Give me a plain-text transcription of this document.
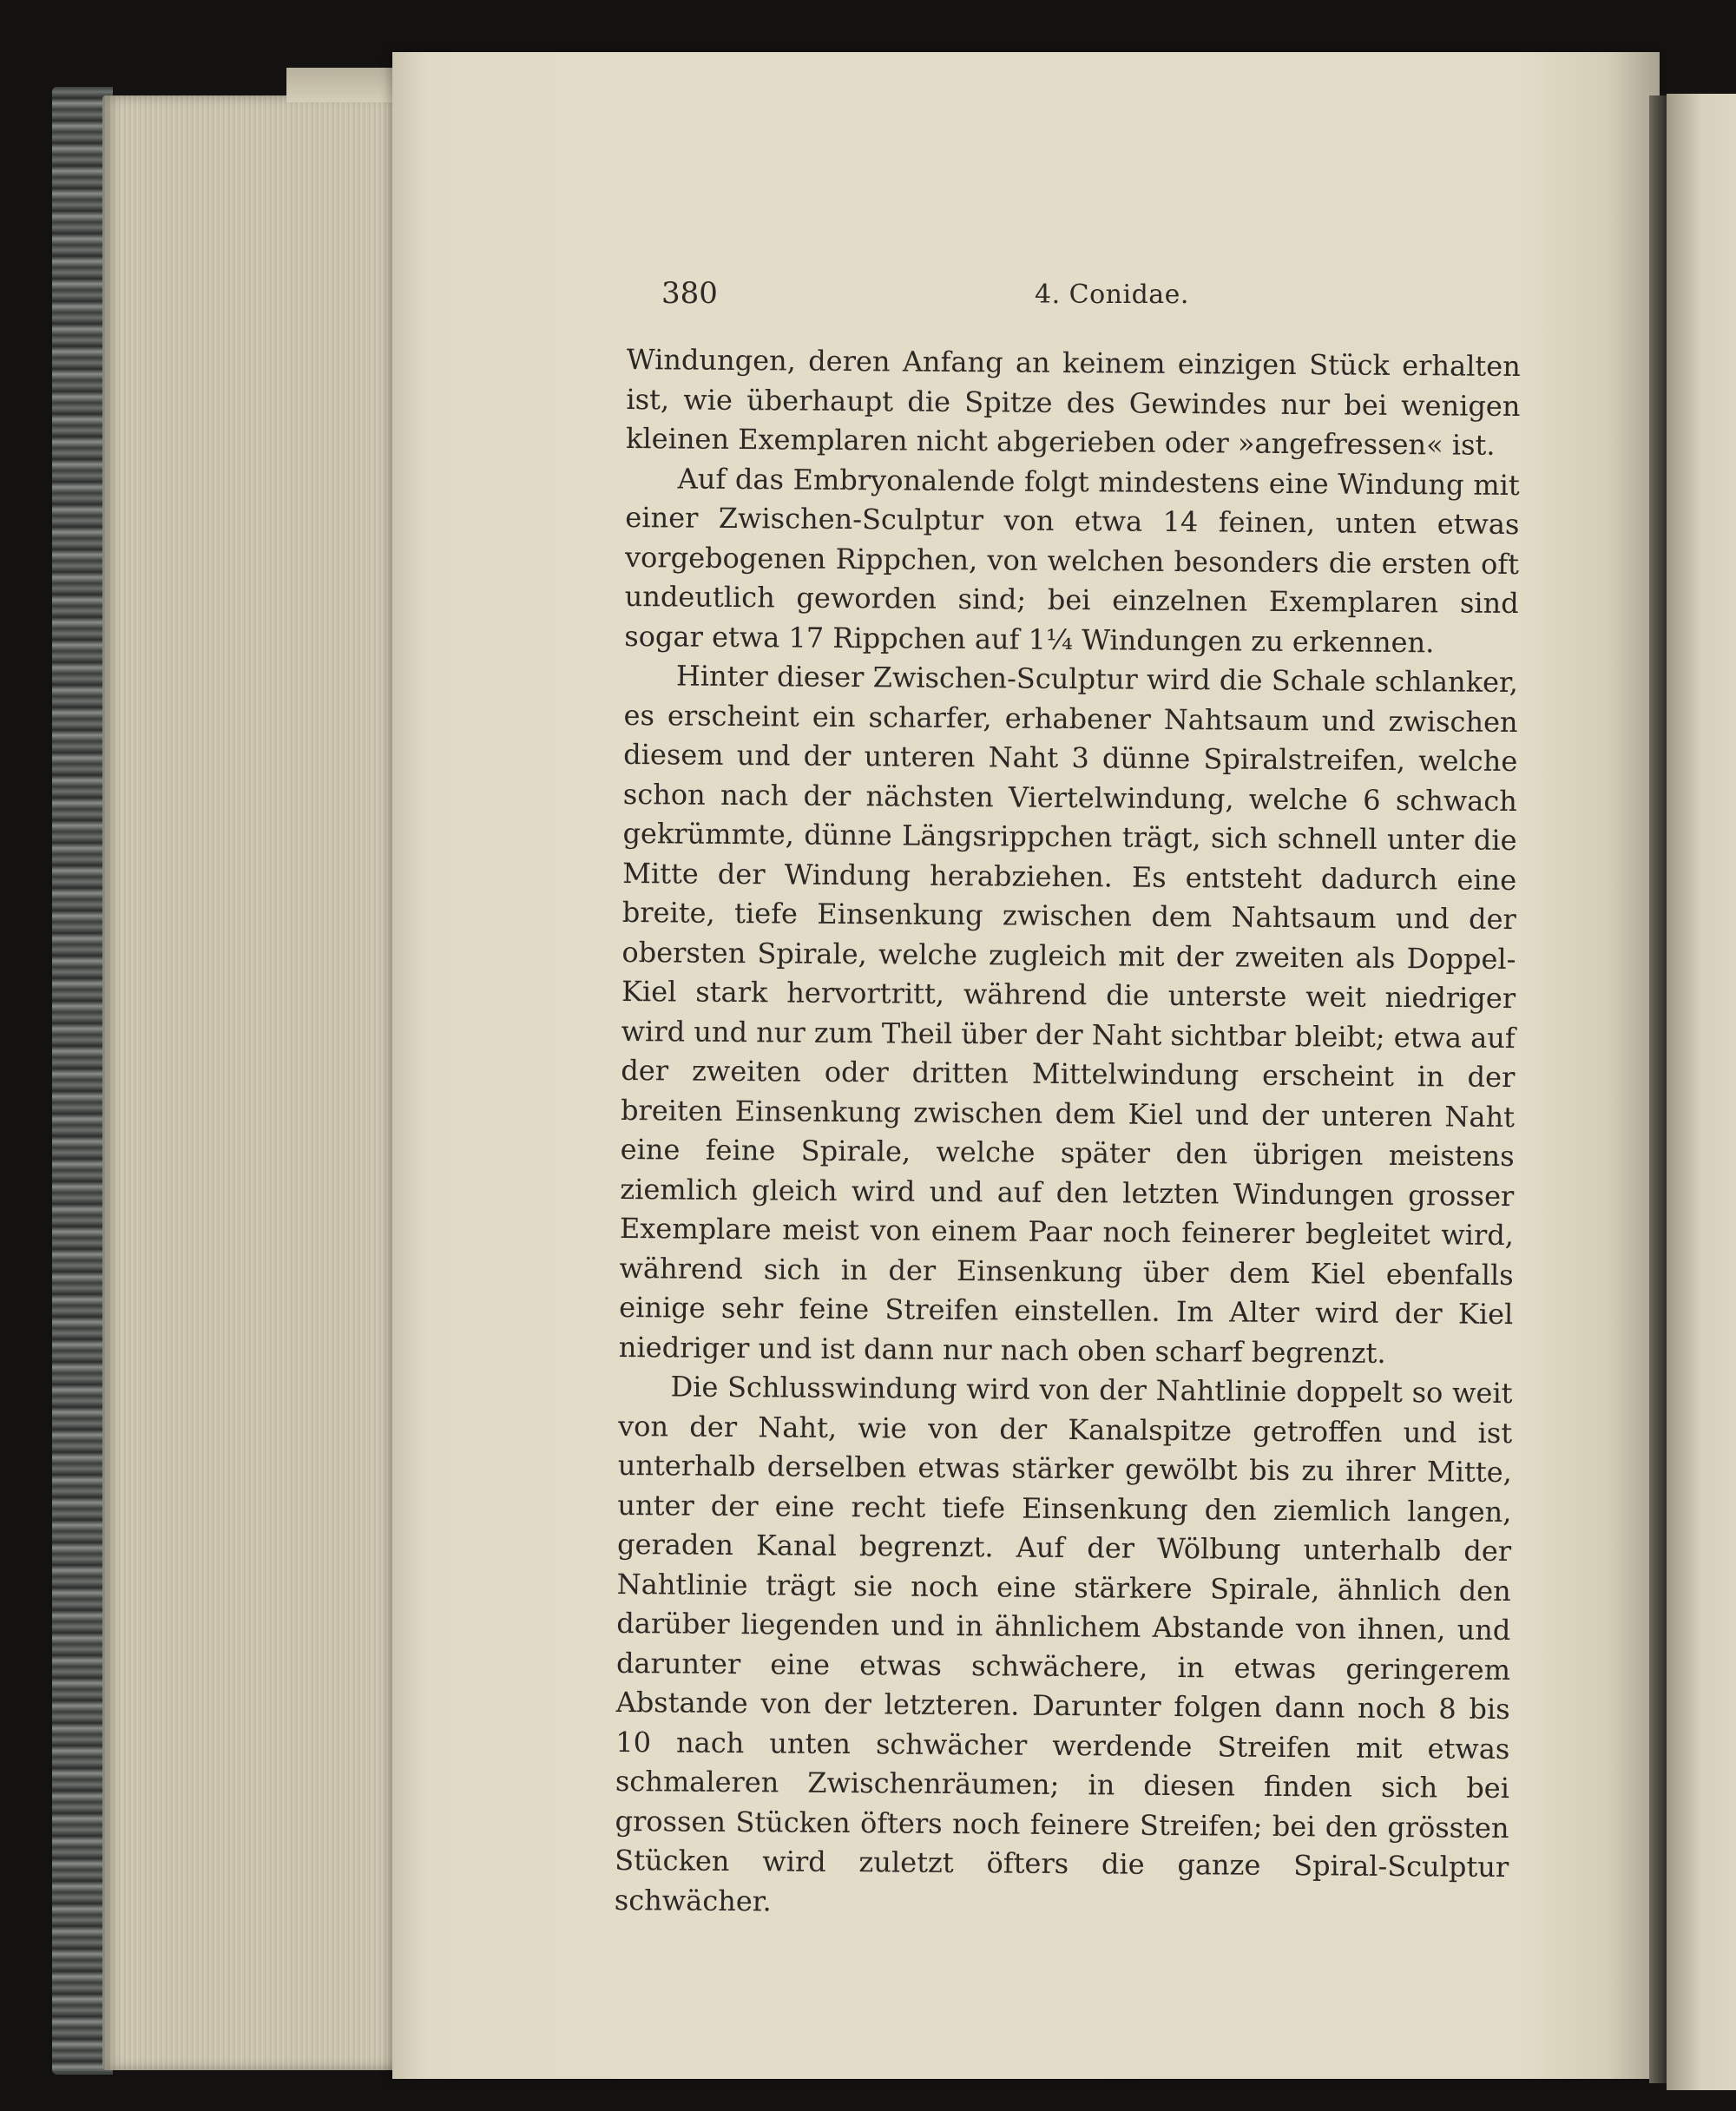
380	4. Conidae.

Windungen, deren Anfang an keinem einzigen Stück erhalten ist, wie überhaupt die Spitze des Gewindes nur bei wenigen kleinen Exemplaren nicht abgerieben oder »angefressen« ist.

Auf das Embryonalende folgt mindestens eine Windung mit einer Zwischen-Sculptur von etwa 14 feinen, unten etwas vorgebogenen Rippchen, von welchen besonders die ersten oft undeutlich geworden sind; bei einzelnen Exemplaren sind sogar etwa 17 Rippchen auf 1¼ Windungen zu erkennen.

Hinter dieser Zwischen-Sculptur wird die Schale schlanker, es erscheint ein scharfer, erhabener Nahtsaum und zwischen diesem und der unteren Naht 3 dünne Spiralstreifen, welche schon nach der nächsten Viertelwindung, welche 6 schwach gekrümmte, dünne Längsrippchen trägt, sich schnell unter die Mitte der Windung herabziehen. Es entsteht dadurch eine breite, tiefe Einsenkung zwischen dem Nahtsaum und der obersten Spirale, welche zugleich mit der zweiten als Doppel-Kiel stark hervortritt, während die unterste weit niedriger wird und nur zum Theil über der Naht sichtbar bleibt; etwa auf der zweiten oder dritten Mittelwindung erscheint in der breiten Einsenkung zwischen dem Kiel und der unteren Naht eine feine Spirale, welche später den übrigen meistens ziemlich gleich wird und auf den letzten Windungen grosser Exemplare meist von einem Paar noch feinerer begleitet wird, während sich in der Einsenkung über dem Kiel ebenfalls einige sehr feine Streifen einstellen. Im Alter wird der Kiel niedriger und ist dann nur nach oben scharf begrenzt.

Die Schlusswindung wird von der Nahtlinie doppelt so weit von der Naht, wie von der Kanalspitze getroffen und ist unterhalb derselben etwas stärker gewölbt bis zu ihrer Mitte, unter der eine recht tiefe Einsenkung den ziemlich langen, geraden Kanal begrenzt. Auf der Wölbung unterhalb der Nahtlinie trägt sie noch eine stärkere Spirale, ähnlich den darüber liegenden und in ähnlichem Abstande von ihnen, und darunter eine etwas schwächere, in etwas geringerem Abstande von der letzteren. Darunter folgen dann noch 8 bis 10 nach unten schwächer werdende Streifen mit etwas schmaleren Zwischenräumen; in diesen finden sich bei grossen Stücken öfters noch feinere Streifen; bei den grössten Stücken wird zuletzt öfters die ganze Spiral-Sculptur schwächer.
